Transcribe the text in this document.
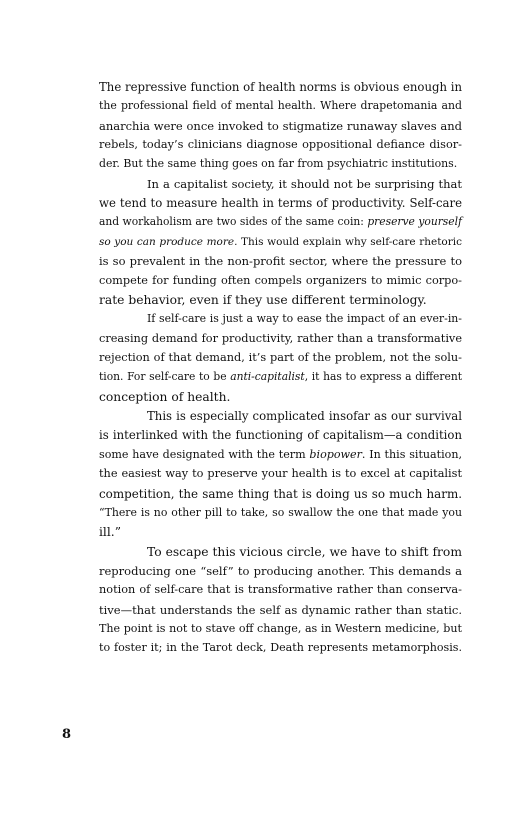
The repressive function of health norms is obvious enough in
the professional field of mental health. Where drapetomania and
anarchia were once invoked to stigmatize runaway slaves and
rebels, today’s clinicians diagnose oppositional defiance disor-
der. But the same thing goes on far from psychiatric institutions.
In a capitalist society, it should not be surprising that
we tend to measure health in terms of productivity. Self-care
and workaholism are two sides of the same coin: preserve yourself
so you can produce more. This would explain why self-care rhetoric
is so prevalent in the non-profit sector, where the pressure to
compete for funding often compels organizers to mimic corpo-
rate behavior, even if they use different terminology.
If self-care is just a way to ease the impact of an ever-in-
creasing demand for productivity, rather than a transformative
rejection of that demand, it’s part of the problem, not the solu-
tion. For self-care to be anti-capitalist, it has to express a different
conception of health.
This is especially complicated insofar as our survival
is interlinked with the functioning of capitalism—a condition
some have designated with the term biopower. In this situation,
the easiest way to preserve your health is to excel at capitalist
competition, the same thing that is doing us so much harm.
“There is no other pill to take, so swallow the one that made you
ill.”
To escape this vicious circle, we have to shift from
reproducing one “self” to producing another. This demands a
notion of self-care that is transformative rather than conserva-
tive—that understands the self as dynamic rather than static.
The point is not to stave off change, as in Western medicine, but
to foster it; in the Tarot deck, Death represents metamorphosis.
8
